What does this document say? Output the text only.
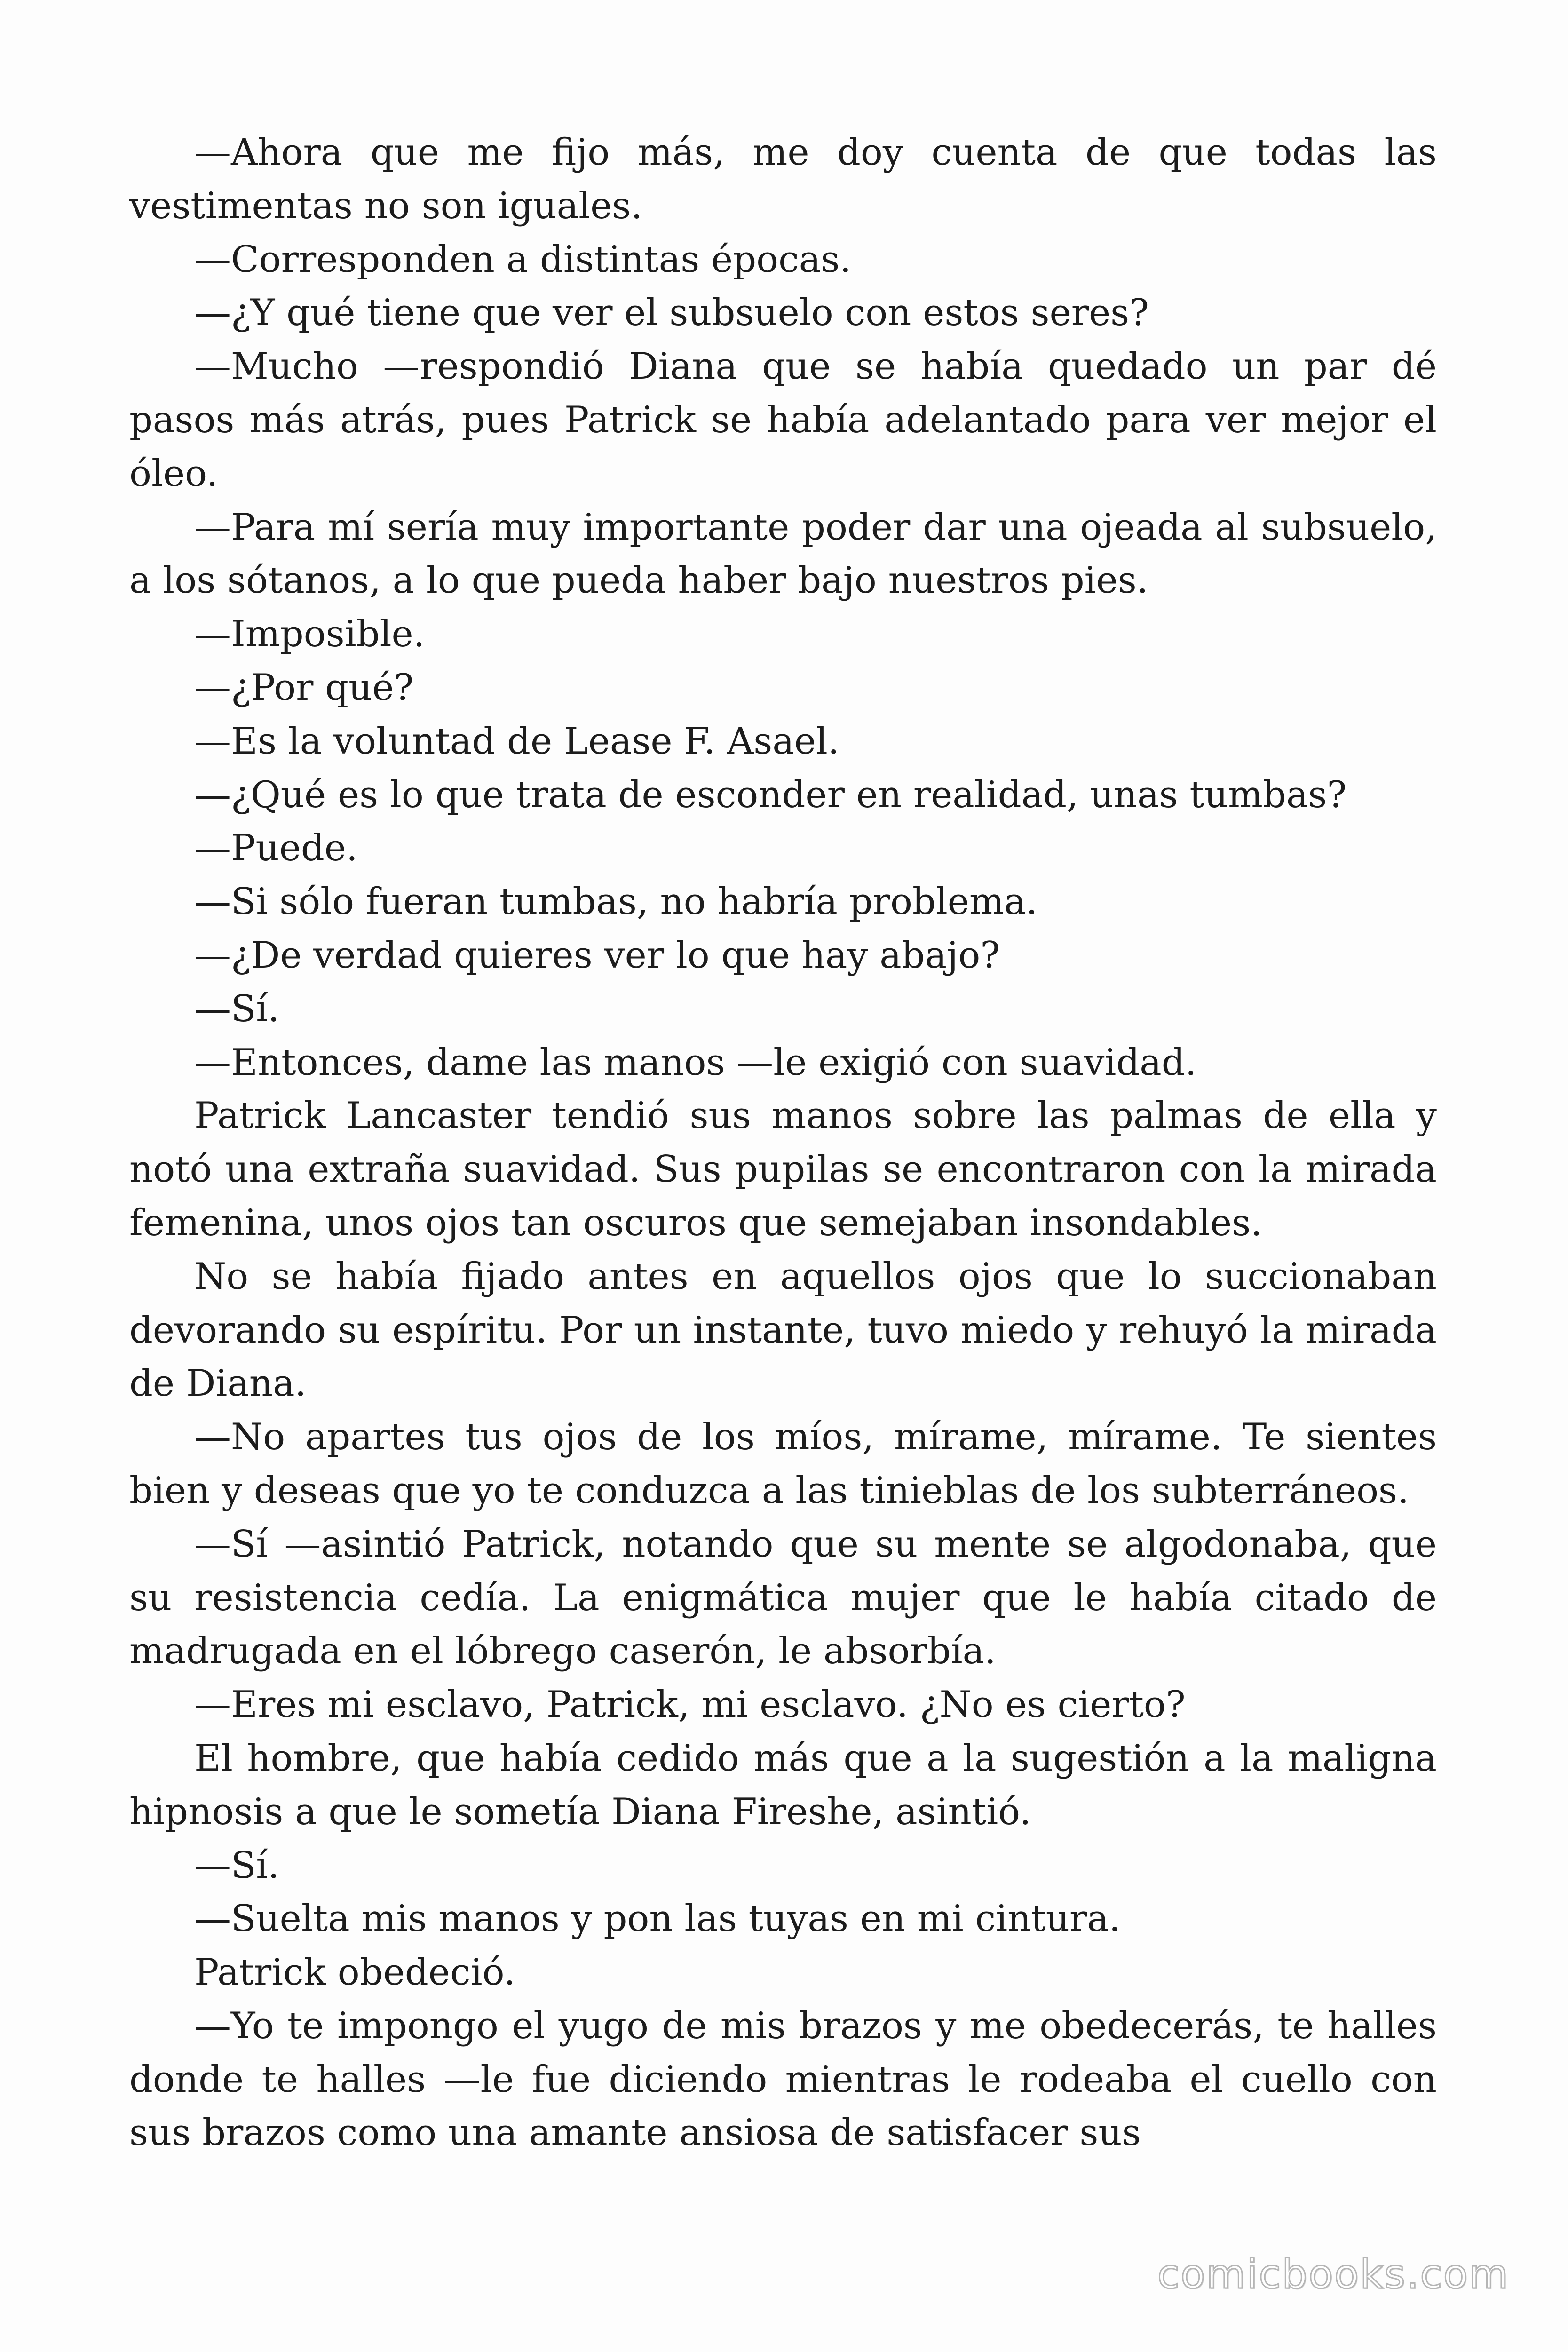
—Ahora que me fijo más, me doy cuenta de que todas las vestimentas no son iguales.

—Corresponden a distintas épocas.

—¿Y qué tiene que ver el subsuelo con estos seres?

—Mucho —respondió Diana que se había quedado un par dé pasos más atrás, pues Patrick se había adelantado para ver mejor el óleo.

—Para mí sería muy importante poder dar una ojeada al subsuelo, a los sótanos, a lo que pueda haber bajo nuestros pies.

—Imposible.

—¿Por qué?

—Es la voluntad de Lease F. Asael.

—¿Qué es lo que trata de esconder en realidad, unas tumbas?

—Puede.

—Si sólo fueran tumbas, no habría problema.

—¿De verdad quieres ver lo que hay abajo?

—Sí.

—Entonces, dame las manos —le exigió con suavidad.

Patrick Lancaster tendió sus manos sobre las palmas de ella y notó una extraña suavidad. Sus pupilas se encontraron con la mirada femenina, unos ojos tan oscuros que semejaban insondables.

No se había fijado antes en aquellos ojos que lo succionaban devorando su espíritu. Por un instante, tuvo miedo y rehuyó la mirada de Diana.

—No apartes tus ojos de los míos, mírame, mírame. Te sientes bien y deseas que yo te conduzca a las tinieblas de los subterráneos.

—Sí —asintió Patrick, notando que su mente se algodonaba, que su resistencia cedía. La enigmática mujer que le había citado de madrugada en el lóbrego caserón, le absorbía.

—Eres mi esclavo, Patrick, mi esclavo. ¿No es cierto?

El hombre, que había cedido más que a la sugestión a la maligna hipnosis a que le sometía Diana Fireshe, asintió.

—Sí.

—Suelta mis manos y pon las tuyas en mi cintura.

Patrick obedeció.

—Yo te impongo el yugo de mis brazos y me obedecerás, te halles donde te halles —le fue diciendo mientras le rodeaba el cuello con sus brazos como una amante ansiosa de satisfacer sus

comicbooks.com
